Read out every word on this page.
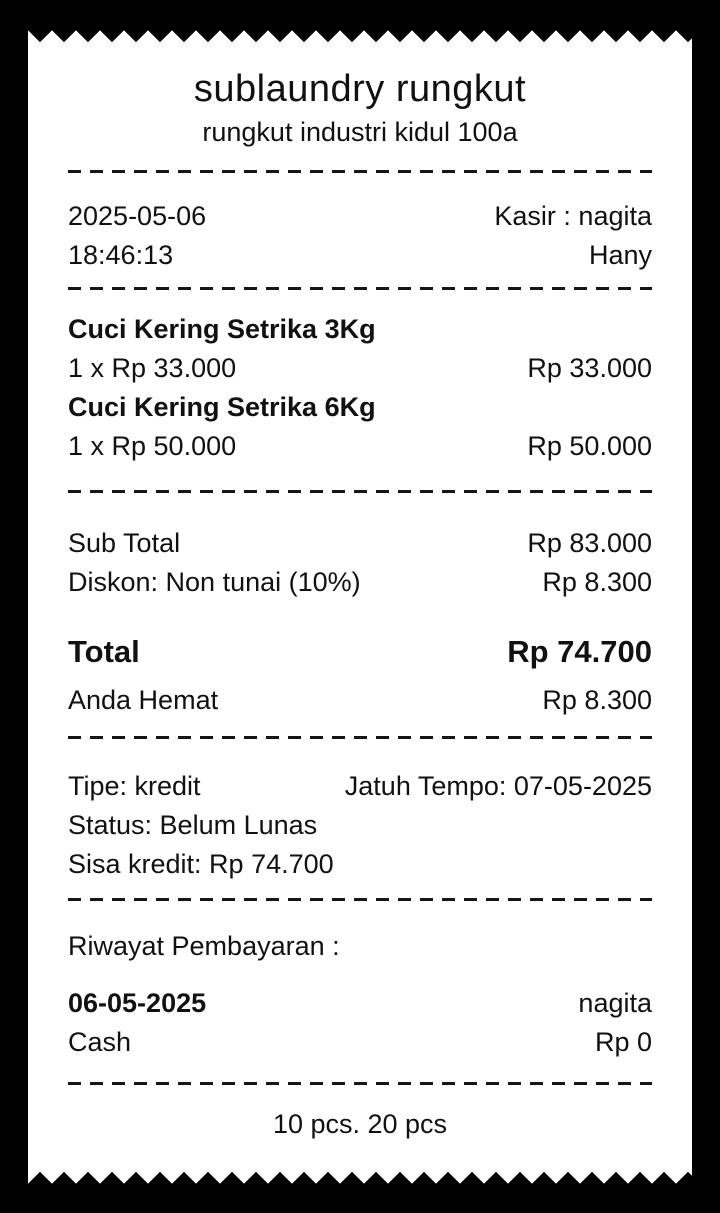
sublaundry rungkut
rungkut industri kidul 100a
2025-05-06	Kasir : nagita
18:46:13	Hany
Cuci Kering Setrika 3Kg
1 x Rp 33.000	Rp 33.000
Cuci Kering Setrika 6Kg
1 x Rp 50.000	Rp 50.000
Sub Total	Rp 83.000
Diskon: Non tunai (10%)	Rp 8.300
Total	Rp 74.700
Anda Hemat	Rp 8.300
Tipe: kredit	Jatuh Tempo: 07-05-2025
Status: Belum Lunas
Sisa kredit: Rp 74.700
Riwayat Pembayaran :
06-05-2025	nagita
Cash	Rp 0
10 pcs. 20 pcs
